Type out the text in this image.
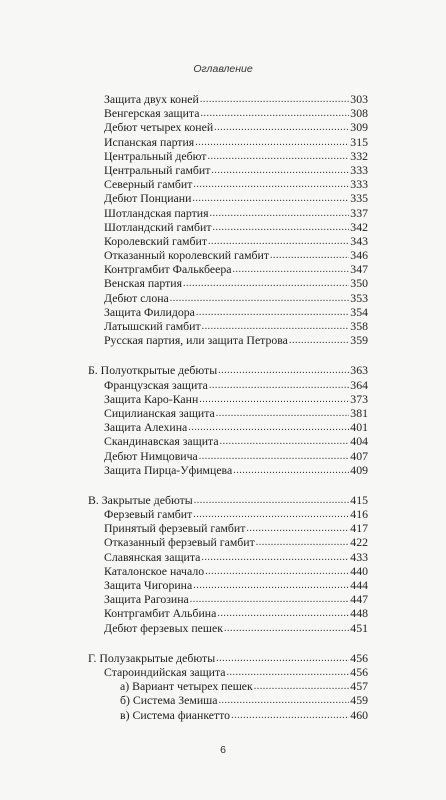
Оглавление
Защита двух коней . . .	303
Венгерская защита . . .	308
Дебют четырех коней . . .	309
Испанская партия . . .	315
Центральный дебют . . .	332
Центральный гамбит . . .	333
Северный гамбит . . .	333
Дебют Понциани . . .	335
Шотландская партия . . .	337
Шотландский гамбит . . .	342
Королевский гамбит . . .	343
Отказанный королевский гамбит . . .	346
Контргамбит Фалькбеера . . .	347
Венская партия . . .	350
Дебют слона . . .	353
Защита Филидора . . .	354
Латышский гамбит . . .	358
Русская партия, или защита Петрова . . .	359
Б. Полуоткрытые дебюты . . .	363
Французская защита . . .	364
Защита Каро-Канн . . .	373
Сицилианская защита . . .	381
Защита Алехина . . .	401
Скандинавская защита . . .	404
Дебют Нимцовича . . .	407
Защита Пирца-Уфимцева . . .	409
В. Закрытые дебюты . . .	415
Ферзевый гамбит . . .	416
Принятый ферзевый гамбит . . .	417
Отказанный ферзевый гамбит . . .	422
Славянская защита . . .	433
Каталонское начало . . .	440
Защита Чигорина . . .	444
Защита Рагозина . . .	447
Контргамбит Альбина . . .	448
Дебют ферзевых пешек . . .	451
Г. Полузакрытые дебюты . . .	456
Староиндийская защита . . .	456
а) Вариант четырех пешек . . .	457
б) Система Земиша . . .	459
в) Система фианкетто . . .	460
6
